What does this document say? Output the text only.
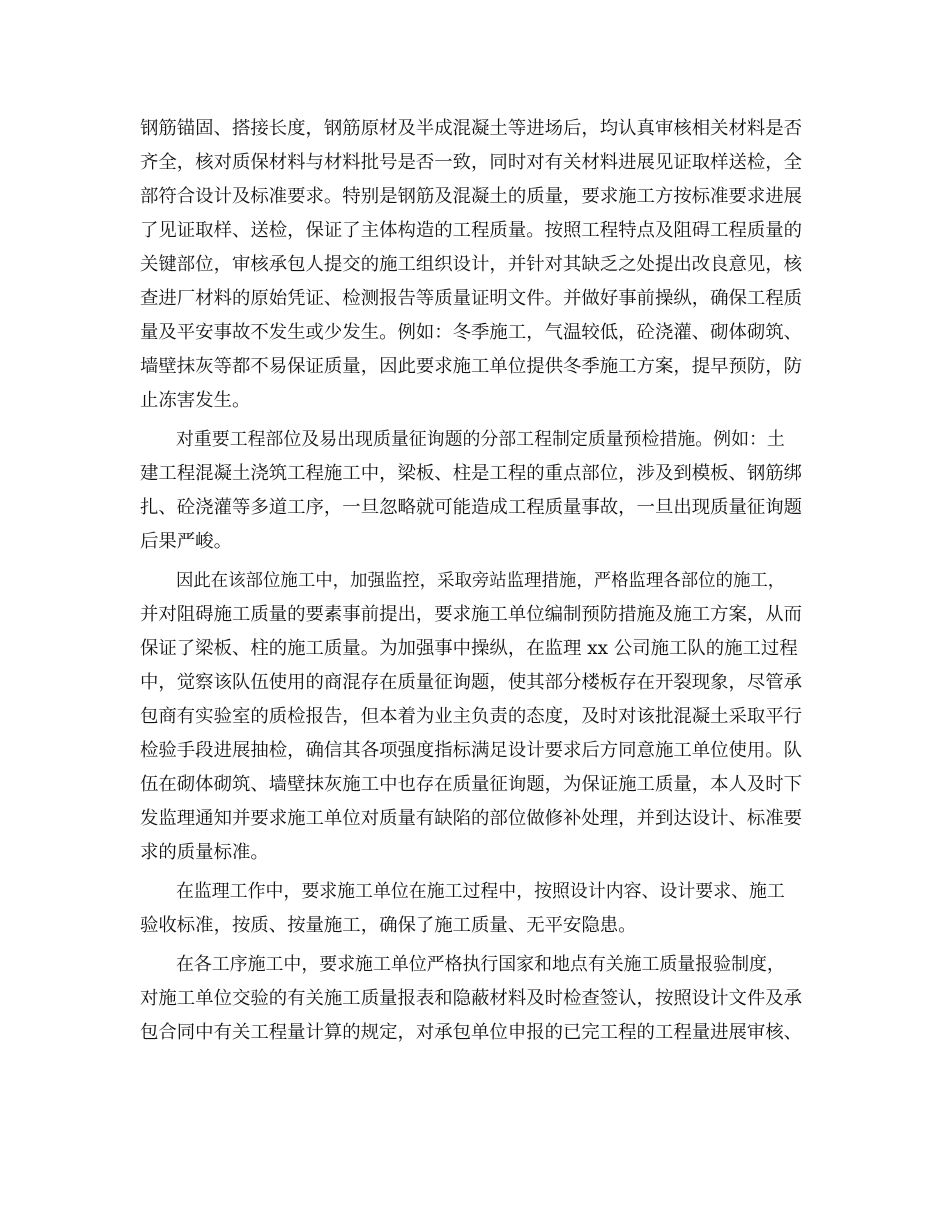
钢筋锚固、搭接长度，钢筋原材及半成混凝土等进场后，均认真审核相关材料是否
齐全，核对质保材料与材料批号是否一致，同时对有关材料进展见证取样送检，全
部符合设计及标准要求。特别是钢筋及混凝土的质量，要求施工方按标准要求进展
了见证取样、送检，保证了主体构造的工程质量。按照工程特点及阻碍工程质量的
关键部位，审核承包人提交的施工组织设计，并针对其缺乏之处提出改良意见，核
查进厂材料的原始凭证、检测报告等质量证明文件。并做好事前操纵，确保工程质
量及平安事故不发生或少发生。例如：冬季施工，气温较低，砼浇灌、砌体砌筑、
墙壁抹灰等都不易保证质量，因此要求施工单位提供冬季施工方案，提早预防，防
止冻害发生。
对重要工程部位及易出现质量征询题的分部工程制定质量预检措施。例如：土
建工程混凝土浇筑工程施工中，梁板、柱是工程的重点部位，涉及到模板、钢筋绑
扎、砼浇灌等多道工序，一旦忽略就可能造成工程质量事故，一旦出现质量征询题
后果严峻。
因此在该部位施工中，加强监控，采取旁站监理措施，严格监理各部位的施工，
并对阻碍施工质量的要素事前提出，要求施工单位编制预防措施及施工方案，从而
保证了梁板、柱的施工质量。为加强事中操纵，在监理 xx 公司施工队的施工过程
中，觉察该队伍使用的商混存在质量征询题，使其部分楼板存在开裂现象，尽管承
包商有实验室的质检报告，但本着为业主负责的态度，及时对该批混凝土采取平行
检验手段进展抽检，确信其各项强度指标满足设计要求后方同意施工单位使用。队
伍在砌体砌筑、墙壁抹灰施工中也存在质量征询题，为保证施工质量，本人及时下
发监理通知并要求施工单位对质量有缺陷的部位做修补处理，并到达设计、标准要
求的质量标准。
在监理工作中，要求施工单位在施工过程中，按照设计内容、设计要求、施工
验收标准，按质、按量施工，确保了施工质量、无平安隐患。
在各工序施工中，要求施工单位严格执行国家和地点有关施工质量报验制度，
对施工单位交验的有关施工质量报表和隐蔽材料及时检查签认，按照设计文件及承
包合同中有关工程量计算的规定，对承包单位申报的已完工程的工程量进展审核、
